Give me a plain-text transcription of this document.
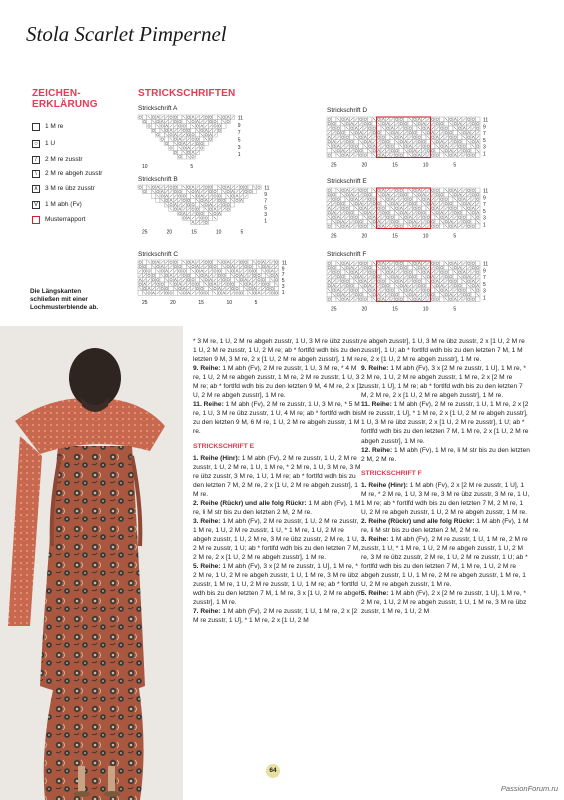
Stola Scarlet Pimpernel
ZEICHEN-ERKLÄRUNG
STRICKSCHRIFTEN
1 M re
○	1 U
/	2 M re zusstr
\	2 M re abgeh zusstr
∧ 3 M re übz zusstr
V	1 M abh (Fv)
Musterrapport
Strickschrift A
11
9
7
5
3
1
10	5
Strickschrift B
11
9
7
5
3
1
25	20	15	10	5
Strickschrift C
11
9
7
5
3
1
25	20	15	10	5
Strickschrift D
11
9
7
5
3
1
25	20	15	10	5
Strickschrift E
11
9
7
5
3
1
25	20	15	10	5
Strickschrift F
11
9
7
5
3
1
25	20	15	10	5
Die Längskanten schließen mit einer Lochmusterblende ab.

* 3 M re, 1 U, 2 M re abgeh zusstr, 1 U, 3 M re übz zusstr, 1 U, 2 M re zusstr, 1 U, 2 M re; ab * fortlfd wdh bis zu den letzten 9 M, 3 M re, 2 x [1 U, 2 M re abgeh zusstr], 1 M re.

9. Reihe: 1 M abh (Fv), 2 M re zusstr, 1 U, 3 M re, * 4 M re, 1 U, 2 M re abgeh zusstr, 1 M re, 2 M re zusstr, 1 U, 3 M re; ab * fortlfd wdh bis zu den letzten 9 M, 4 M re, 2 x [1 U, 2 M re abgeh zusstr], 1 M re.

11. Reihe: 1 M abh (Fv), 2 M re zusstr, 1 U, 3 M re, * 5 M re, 1 U, 3 M re übz zusstr, 1 U, 4 M re; ab * fortlfd wdh bis zu den letzten 9 M, 6 M re, 1 U, 2 M re abgeh zusstr, 1 M re.

STRICKSCHRIFT E

1. Reihe (Hinr): 1 M abh (Fv), 2 M re zusstr, 1 U, 2 M re zusstr, 1 U, 2 M re, 1 U, 1 M re, * 2 M re, 1 U, 3 M re, 3 M re übz zusstr, 3 M re, 1 U, 1 M re; ab * fortlfd wdh bis zu den letzten 7 M, 2 M re, 2 x [1 U, 2 M re abgeh zusstr], 1 M re.

2. Reihe (Rückr) und alle folg Rückr: 1 M abh (Fv), 1 M re, li M str bis zu den letzten 2 M, 2 M re.

3. Reihe: 1 M abh (Fv), 2 M re zusstr, 1 U, 2 M re zusstr, 1 M re, 1 U, 2 M re zusstr, 1 U, * 1 M re, 1 U, 2 M re abgeh zusstr, 1 U, 2 M re, 3 M re übz zusstr, 2 M re, 1 U, 2 M re zusstr, 1 U; ab * fortlfd wdh bis zu den letzten 7 M, 2 M re, 2 x [1 U, 2 M re abgeh zusstr], 1 M re.

5. Reihe: 1 M abh (Fv), 3 x [2 M re zusstr, 1 U], 1 M re, * 2 M re, 1 U, 2 M re abgeh zusstr, 1 U, 1 M re, 3 M re übz zusstr, 1 M re, 1 U, 2 M re zusstr, 1 U, 1 M re; ab * fortlfd wdh bis zu den letzten 7 M, 1 M re, 3 x [1 U, 2 M re abgeh zusstr], 1 M re.

7. Reihe: 1 M abh (Fv), 2 M re zusstr, 1 U, 1 M re, 2 x [2 M re zusstr, 1 U], * 1 M re, 2 x [1 U, 2 M

re abgeh zusstr], 1 U, 3 M re übz zusstr, 2 x [1 U, 2 M re zusstr], 1 U; ab * fortlfd wdh bis zu den letzten 7 M, 1 M re, 2 x [1 U, 2 M re abgeh zusstr], 1 M re.

9. Reihe: 1 M abh (Fv), 3 x [2 M re zusstr, 1 U], 1 M re, * 2 M re, 1 U, 2 M re abgeh zusstr, 1 M re, 2 x [2 M re zusstr, 1 U], 1 M re; ab * fortlfd wdh bis zu den letzten 7 M, 2 M re, 2 x [1 U, 2 M re abgeh zusstr], 1 M re.

11. Reihe: 1 M abh (Fv), 2 M re zusstr, 1 U, 1 M re, 2 x [2 M re zusstr, 1 U], * 1 M re, 2 x [1 U, 2 M re abgeh zusstr], 1 U, 3 M re übz zusstr, 2 x [1 U, 2 M re zusstr], 1 U; ab * fortlfd wdh bis zu den letzten 7 M, 1 M re, 2 x [1 U, 2 M re abgeh zusstr], 1 M re.

12. Reihe: 1 M abh (Fv), 1 M re, li M str bis zu den letzten 2 M, 2 M re.

STRICKSCHRIFT F

1. Reihe (Hinr): 1 M abh (Fv), 2 x [2 M re zusstr, 1 U], 1 M re, * 2 M re, 1 U, 3 M re, 3 M re übz zusstr, 3 M re, 1 U, 1 M re; ab * fortlfd wdh bis zu den letzten 7 M, 2 M re, 1 U, 2 M re abgeh zusstr, 1 U, 2 M re abgeh zusstr, 1 M re.

2. Reihe (Rückr) und alle folg Rückr: 1 M abh (Fv), 1 M re, li M str bis zu den letzten 2 M, 2 M re.

3. Reihe: 1 M abh (Fv), 2 M re zusstr, 1 U, 1 M re, 2 M re zusstr, 1 U, * 1 M re, 1 U, 2 M re abgeh zusstr, 1 U, 2 M re, 3 M re übz zusstr, 2 M re, 1 U, 2 M re zusstr, 1 U; ab * fortlfd wdh bis zu den letzten 7 M, 1 M re, 1 U, 2 M re abgeh zusstr, 1 U, 1 M re, 2 M re abgeh zusstr, 1 M re, 1 U, 2 M re abgeh zusstr, 1 M re.

5. Reihe: 1 M abh (Fv), 2 x [2 M re zusstr, 1 U], 1 M re, * 2 M re, 1 U, 2 M re abgeh zusstr, 1 U, 1 M re, 3 M re übz zusstr, 1 M re, 1 U, 2 M

64
PassionForum.ru
